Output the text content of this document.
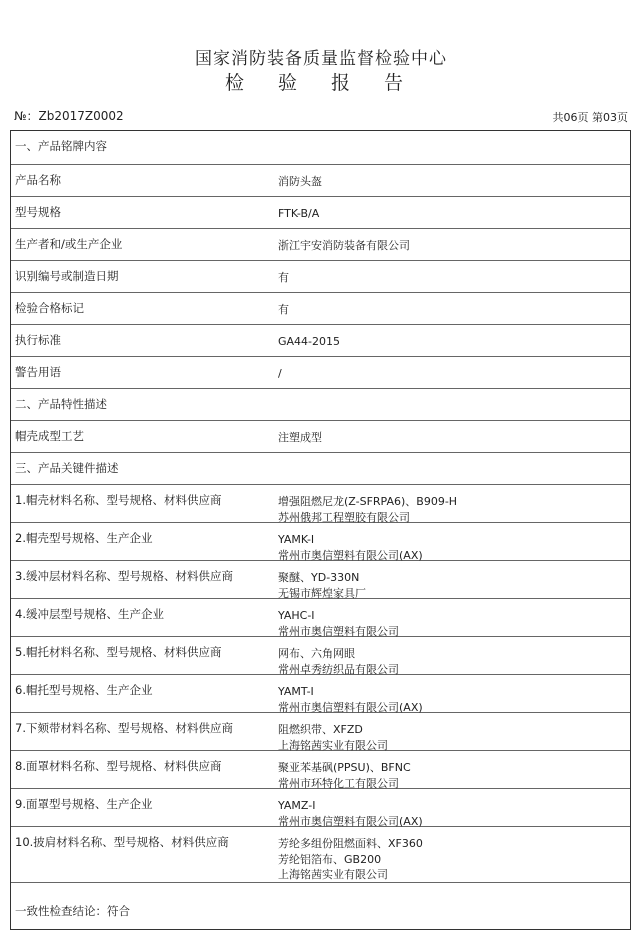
国家消防装备质量监督检验中心
检 验 报 告
№：Zb2017Z0002	共06页 第03页
一、产品铭牌内容
产品名称	消防头盔
型号规格	FTK-B/A
生产者和/或生产企业	浙江宇安消防装备有限公司
识别编号或制造日期	有
检验合格标记	有
执行标准	GA44-2015
警告用语	/
二、产品特性描述
帽壳成型工艺	注塑成型
三、产品关键件描述
1.帽壳材料名称、型号规格、材料供应商	增强阻燃尼龙(Z-SFRPA6)、B909-H
苏州俄邦工程塑胶有限公司
2.帽壳型号规格、生产企业	YAMK-Ⅰ
常州市奥信塑料有限公司(AX)
3.缓冲层材料名称、型号规格、材料供应商	聚醚、YD-330N
无锡市辉煌家具厂
4.缓冲层型号规格、生产企业	YAHC-Ⅰ
常州市奥信塑料有限公司
5.帽托材料名称、型号规格、材料供应商	网布、六角网眼
常州卓秀纺织品有限公司
6.帽托型号规格、生产企业	YAMT-Ⅰ
常州市奥信塑料有限公司(AX)
7.下颏带材料名称、型号规格、材料供应商	阻燃织带、XFZD
上海铭茜实业有限公司
8.面罩材料名称、型号规格、材料供应商	聚亚苯基砜(PPSU)、BFNC
常州市环特化工有限公司
9.面罩型号规格、生产企业	YAMZ-Ⅰ
常州市奥信塑料有限公司(AX)
10.披肩材料名称、型号规格、材料供应商	芳纶多组份阻燃面料、XF360
芳纶铝箔布、GB200
上海铭茜实业有限公司
一致性检查结论：符合
